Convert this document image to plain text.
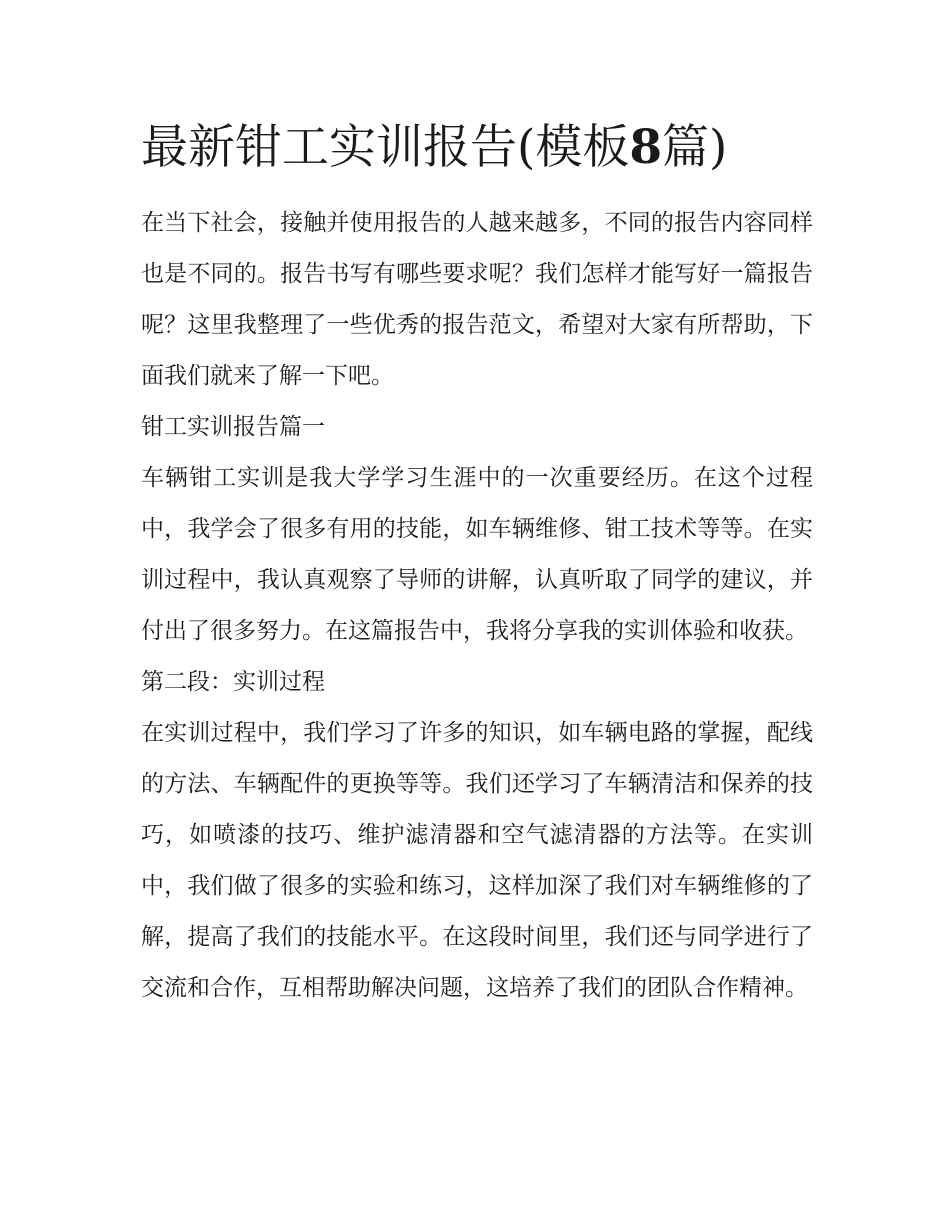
最新钳工实训报告(模板8篇)

在当下社会，接触并使用报告的人越来越多，不同的报告内容同样也是不同的。报告书写有哪些要求呢？我们怎样才能写好一篇报告呢？这里我整理了一些优秀的报告范文，希望对大家有所帮助，下面我们就来了解一下吧。

钳工实训报告篇一

车辆钳工实训是我大学学习生涯中的一次重要经历。在这个过程中，我学会了很多有用的技能，如车辆维修、钳工技术等等。在实训过程中，我认真观察了导师的讲解，认真听取了同学的建议，并付出了很多努力。在这篇报告中，我将分享我的实训体验和收获。

第二段：实训过程

在实训过程中，我们学习了许多的知识，如车辆电路的掌握，配线的方法、车辆配件的更换等等。我们还学习了车辆清洁和保养的技巧，如喷漆的技巧、维护滤清器和空气滤清器的方法等。在实训中，我们做了很多的实验和练习，这样加深了我们对车辆维修的了解，提高了我们的技能水平。在这段时间里，我们还与同学进行了交流和合作，互相帮助解决问题，这培养了我们的团队合作精神。
